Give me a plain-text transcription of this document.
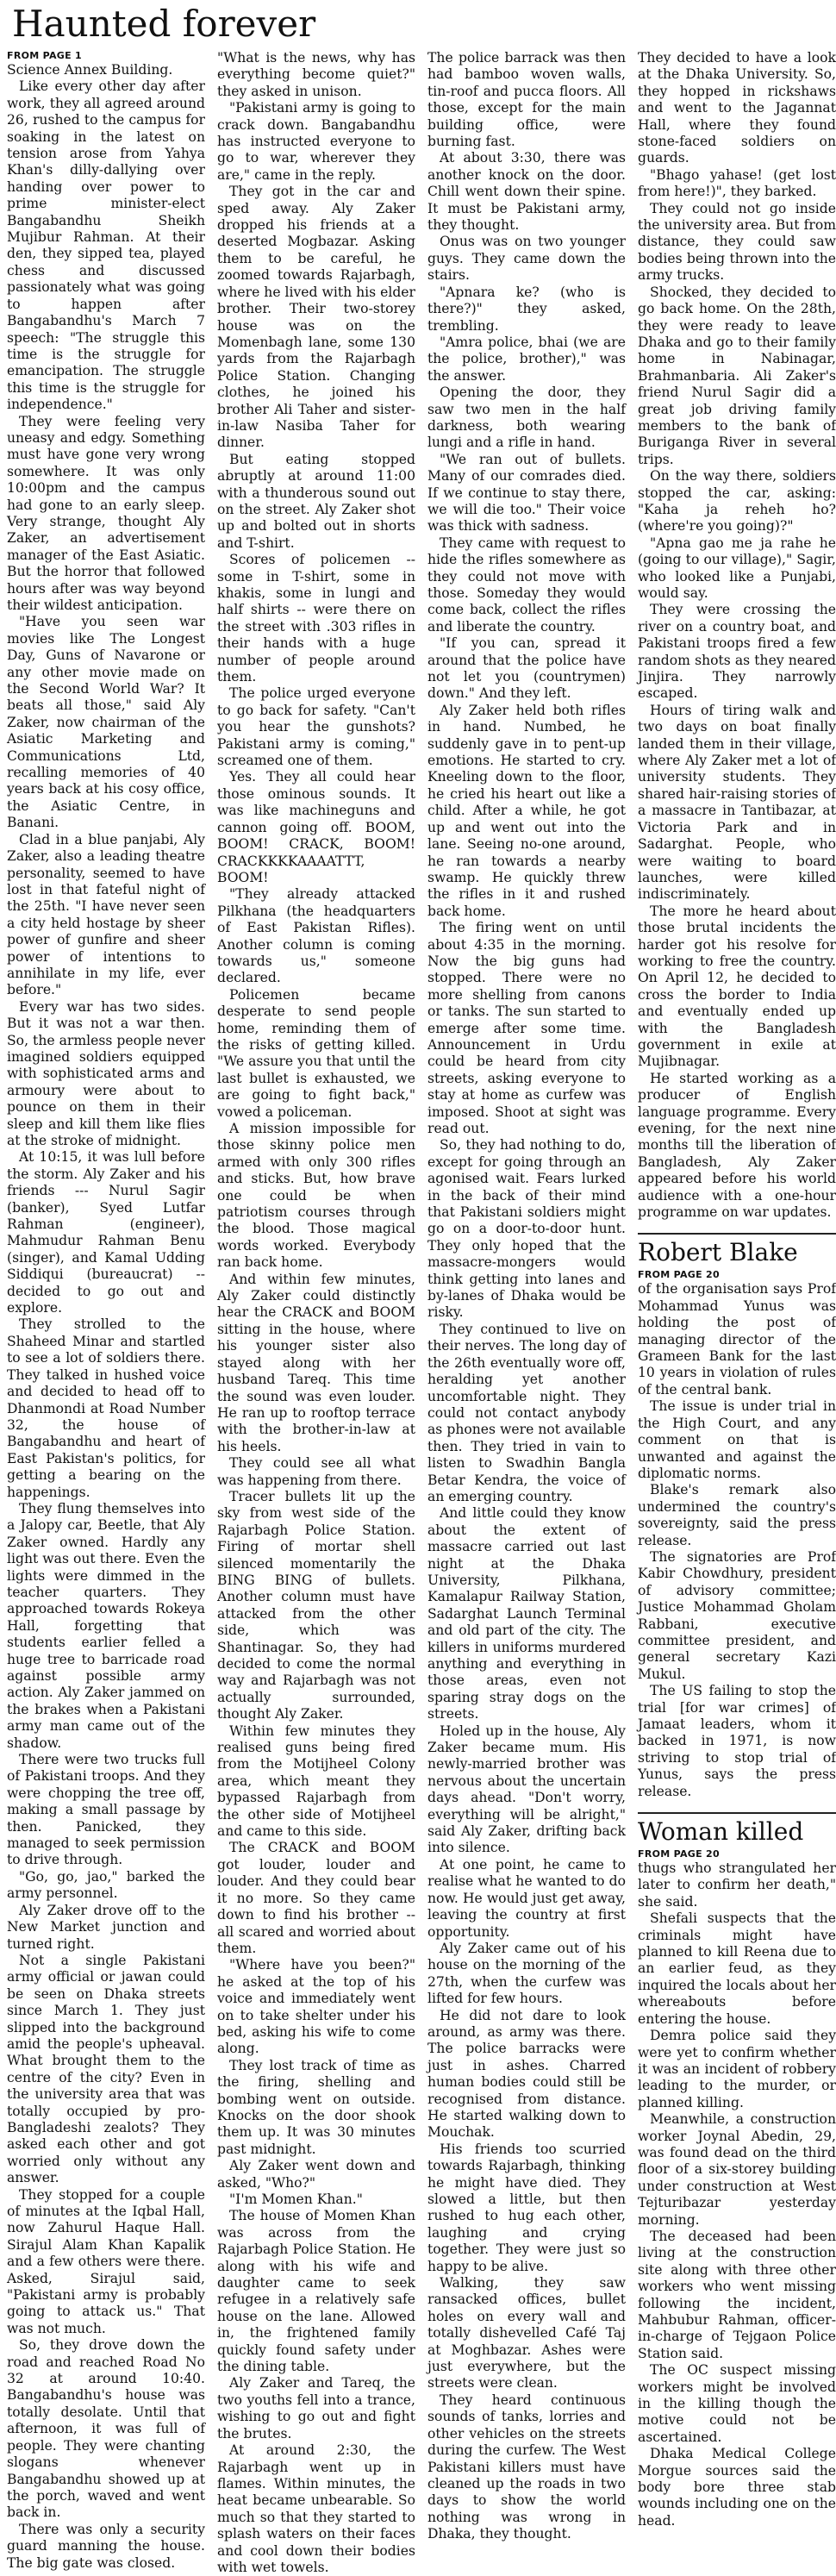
Haunted forever
FROM PAGE 1

Science Annex Building.

Like every other day after work, they all agreed around 26, rushed to the campus for soaking in the latest on tension arose from Yahya Khan's dilly-dallying over handing over power to prime minister-elect Bangabandhu Sheikh Mujibur Rahman. At their den, they sipped tea, played chess and discussed passionately what was going to happen after Bangabandhu's March 7 speech: "The struggle this time is the struggle for emancipation. The struggle this time is the struggle for independence."

They were feeling very uneasy and edgy. Something must have gone very wrong somewhere. It was only 10:00pm and the campus had gone to an early sleep. Very strange, thought Aly Zaker, an advertisement manager of the East Asiatic. But the horror that followed hours after was way beyond their wildest anticipation.

"Have you seen war movies like The Longest Day, Guns of Navarone or any other movie made on the Second World War? It beats all those," said Aly Zaker, now chairman of the Asiatic Marketing and Communications Ltd, recalling memories of 40 years back at his cosy office, the Asiatic Centre, in Banani.

Clad in a blue panjabi, Aly Zaker, also a leading theatre personality, seemed to have lost in that fateful night of the 25th. "I have never seen a city held hostage by sheer power of gunfire and sheer power of intentions to annihilate in my life, ever before."

Every war has two sides. But it was not a war then. So, the armless people never imagined soldiers equipped with sophisticated arms and armoury were about to pounce on them in their sleep and kill them like flies at the stroke of midnight.

At 10:15, it was lull before the storm. Aly Zaker and his friends --- Nurul Sagir (banker), Syed Lutfar Rahman (engineer), Mahmudur Rahman Benu (singer), and Kamal Udding Siddiqui (bureaucrat) -- decided to go out and explore.

They strolled to the Shaheed Minar and startled to see a lot of soldiers there. They talked in hushed voice and decided to head off to Dhanmondi at Road Number 32, the house of Bangabandhu and heart of East Pakistan's politics, for getting a bearing on the happenings.

They flung themselves into a Jalopy car, Beetle, that Aly Zaker owned. Hardly any light was out there. Even the lights were dimmed in the teacher quarters. They approached towards Rokeya Hall, forgetting that students earlier felled a huge tree to barricade road against possible army action. Aly Zaker jammed on the brakes when a Pakistani army man came out of the shadow.

There were two trucks full of Pakistani troops. And they were chopping the tree off, making a small passage by then. Panicked, they managed to seek permission to drive through.

"Go, go, jao," barked the army personnel.

Aly Zaker drove off to the New Market junction and turned right.

Not a single Pakistani army official or jawan could be seen on Dhaka streets since March 1. They just slipped into the background amid the people's upheaval. What brought them to the centre of the city? Even in the university area that was totally occupied by pro-Bangladeshi zealots? They asked each other and got worried only without any answer.

They stopped for a couple of minutes at the Iqbal Hall, now Zahurul Haque Hall. Sirajul Alam Khan Kapalik and a few others were there. Asked, Sirajul said, "Pakistani army is probably going to attack us." That was not much.

So, they drove down the road and reached Road No 32 at around 10:40. Bangabandhu's house was totally desolate. Until that afternoon, it was full of people. They were chanting slogans whenever Bangabandhu showed up at the porch, waved and went back in.

There was only a security guard manning the house. The big gate was closed.

"What is the news, why has everything become quiet?" they asked in unison.

"Pakistani army is going to crack down. Bangabandhu has instructed everyone to go to war, wherever they are," came in the reply.

They got in the car and sped away. Aly Zaker dropped his friends at a deserted Mogbazar. Asking them to be careful, he zoomed towards Rajarbagh, where he lived with his elder brother. Their two-storey house was on the Momenbagh lane, some 130 yards from the Rajarbagh Police Station. Changing clothes, he joined his brother Ali Taher and sister-in-law Nasiba Taher for dinner.

But eating stopped abruptly at around 11:00 with a thunderous sound out on the street. Aly Zaker shot up and bolted out in shorts and T-shirt.

Scores of policemen -- some in T-shirt, some in khakis, some in lungi and half shirts -- were there on the street with .303 rifles in their hands with a huge number of people around them.

The police urged everyone to go back for safety. "Can't you hear the gunshots? Pakistani army is coming," screamed one of them.

Yes. They all could hear those ominous sounds. It was like machineguns and cannon going off. BOOM, BOOM! CRACK, BOOM! CRACKKKKAAAATTT, BOOM!

"They already attacked Pilkhana (the headquarters of East Pakistan Rifles). Another column is coming towards us," someone declared.

Policemen became desperate to send people home, reminding them of the risks of getting killed. "We assure you that until the last bullet is exhausted, we are going to fight back," vowed a policeman.

A mission impossible for those skinny police men armed with only 300 rifles and sticks. But, how brave one could be when patriotism courses through the blood. Those magical words worked. Everybody ran back home.

And within few minutes, Aly Zaker could distinctly hear the CRACK and BOOM sitting in the house, where his younger sister also stayed along with her husband Tareq. This time the sound was even louder. He ran up to rooftop terrace with the brother-in-law at his heels.

They could see all what was happening from there.

Tracer bullets lit up the sky from west side of the Rajarbagh Police Station. Firing of mortar shell silenced momentarily the BING BING of bullets. Another column must have attacked from the other side, which was Shantinagar. So, they had decided to come the normal way and Rajarbagh was not actually surrounded, thought Aly Zaker.

Within few minutes they realised guns being fired from the Motijheel Colony area, which meant they bypassed Rajarbagh from the other side of Motijheel and came to this side.

The CRACK and BOOM got louder, louder and louder. And they could bear it no more. So they came down to find his brother -- all scared and worried about them.

"Where have you been?" he asked at the top of his voice and immediately went on to take shelter under his bed, asking his wife to come along.

They lost track of time as the firing, shelling and bombing went on outside. Knocks on the door shook them up. It was 30 minutes past midnight.

Aly Zaker went down and asked, "Who?"

"I'm Momen Khan."

The house of Momen Khan was across from the Rajarbagh Police Station. He along with his wife and daughter came to seek refugee in a relatively safe house on the lane. Allowed in, the frightened family quickly found safety under the dining table.

Aly Zaker and Tareq, the two youths fell into a trance, wishing to go out and fight the brutes.

At around 2:30, the Rajarbagh went up in flames. Within minutes, the heat became unbearable. So much so that they started to splash waters on their faces and cool down their bodies with wet towels.

The police barrack was then had bamboo woven walls, tin-roof and pucca floors. All those, except for the main building office, were burning fast.

At about 3:30, there was another knock on the door. Chill went down their spine. It must be Pakistani army, they thought.

Onus was on two younger guys. They came down the stairs.

"Apnara ke? (who is there?)" they asked, trembling.

"Amra police, bhai (we are the police, brother)," was the answer.

Opening the door, they saw two men in the half darkness, both wearing lungi and a rifle in hand.

"We ran out of bullets. Many of our comrades died. If we continue to stay there, we will die too." Their voice was thick with sadness.

They came with request to hide the rifles somewhere as they could not move with those. Someday they would come back, collect the rifles and liberate the country.

"If you can, spread it around that the police have not let you (countrymen) down." And they left.

Aly Zaker held both rifles in hand. Numbed, he suddenly gave in to pent-up emotions. He started to cry. Kneeling down to the floor, he cried his heart out like a child. After a while, he got up and went out into the lane. Seeing no-one around, he ran towards a nearby swamp. He quickly threw the rifles in it and rushed back home.

The firing went on until about 4:35 in the morning. Now the big guns had stopped. There were no more shelling from canons or tanks. The sun started to emerge after some time. Announcement in Urdu could be heard from city streets, asking everyone to stay at home as curfew was imposed. Shoot at sight was read out.

So, they had nothing to do, except for going through an agonised wait. Fears lurked in the back of their mind that Pakistani soldiers might go on a door-to-door hunt. They only hoped that the massacre-mongers would think getting into lanes and by-lanes of Dhaka would be risky.

They continued to live on their nerves. The long day of the 26th eventually wore off, heralding yet another uncomfortable night. They could not contact anybody as phones were not available then. They tried in vain to listen to Swadhin Bangla Betar Kendra, the voice of an emerging country.

And little could they know about the extent of massacre carried out last night at the Dhaka University, Pilkhana, Kamalapur Railway Station, Sadarghat Launch Terminal and old part of the city. The killers in uniforms murdered anything and everything in those areas, even not sparing stray dogs on the streets.

Holed up in the house, Aly Zaker became mum. His newly-married brother was nervous about the uncertain days ahead. "Don't worry, everything will be alright," said Aly Zaker, drifting back into silence.

At one point, he came to realise what he wanted to do now. He would just get away, leaving the country at first opportunity.

Aly Zaker came out of his house on the morning of the 27th, when the curfew was lifted for few hours.

He did not dare to look around, as army was there. The police barracks were just in ashes. Charred human bodies could still be recognised from distance. He started walking down to Mouchak.

His friends too scurried towards Rajarbagh, thinking he might have died. They slowed a little, but then rushed to hug each other, laughing and crying together. They were just so happy to be alive.

Walking, they saw ransacked offices, bullet holes on every wall and totally dishevelled Café Taj at Moghbazar. Ashes were just everywhere, but the streets were clean.

They heard continuous sounds of tanks, lorries and other vehicles on the streets during the curfew. The West Pakistani killers must have cleaned up the roads in two days to show the world nothing was wrong in Dhaka, they thought.

They decided to have a look at the Dhaka University. So, they hopped in rickshaws and went to the Jagannat Hall, where they found stone-faced soldiers on guards.

"Bhago yahase! (get lost from here!)", they barked.

They could not go inside the university area. But from distance, they could saw bodies being thrown into the army trucks.

Shocked, they decided to go back home. On the 28th, they were ready to leave Dhaka and go to their family home in Nabinagar, Brahmanbaria. Ali Zaker's friend Nurul Sagir did a great job driving family members to the bank of Buriganga River in several trips.

On the way there, soldiers stopped the car, asking: "Kaha ja reheh ho? (where're you going)?"

"Apna gao me ja rahe he (going to our village)," Sagir, who looked like a Punjabi, would say.

They were crossing the river on a country boat, and Pakistani troops fired a few random shots as they neared Jinjira. They narrowly escaped.

Hours of tiring walk and two days on boat finally landed them in their village, where Aly Zaker met a lot of university students. They shared hair-raising stories of a massacre in Tantibazar, at Victoria Park and in Sadarghat. People, who were waiting to board launches, were killed indiscriminately.

The more he heard about those brutal incidents the harder got his resolve for working to free the country. On April 12, he decided to cross the border to India and eventually ended up with the Bangladesh government in exile at Mujibnagar.

He started working as a producer of English language programme. Every evening, for the next nine months till the liberation of Bangladesh, Aly Zaker appeared before his world audience with a one-hour programme on war updates.

Robert Blake
FROM PAGE 20

of the organisation says Prof Mohammad Yunus was holding the post of managing director of the Grameen Bank for the last 10 years in violation of rules of the central bank.

The issue is under trial in the High Court, and any comment on that is unwanted and against the diplomatic norms.

Blake's remark also undermined the country's sovereignty, said the press release.

The signatories are Prof Kabir Chowdhury, president of advisory committee; Justice Mohammad Gholam Rabbani, executive committee president, and general secretary Kazi Mukul.

The US failing to stop the trial [for war crimes] of Jamaat leaders, whom it backed in 1971, is now striving to stop trial of Yunus, says the press release.

Woman killed
FROM PAGE 20

thugs who strangulated her later to confirm her death," she said.

Shefali suspects that the criminals might have planned to kill Reena due to an earlier feud, as they inquired the locals about her whereabouts before entering the house.

Demra police said they were yet to confirm whether it was an incident of robbery leading to the murder, or planned killing.

Meanwhile, a construction worker Joynal Abedin, 29, was found dead on the third floor of a six-storey building under construction at West Tejturibazar yesterday morning.

The deceased had been living at the construction site along with three other workers who went missing following the incident, Mahbubur Rahman, officer-in-charge of Tejgaon Police Station said.

The OC suspect missing workers might be involved in the killing though the motive could not be ascertained.

Dhaka Medical College Morgue sources said the body bore three stab wounds including one on the head.
